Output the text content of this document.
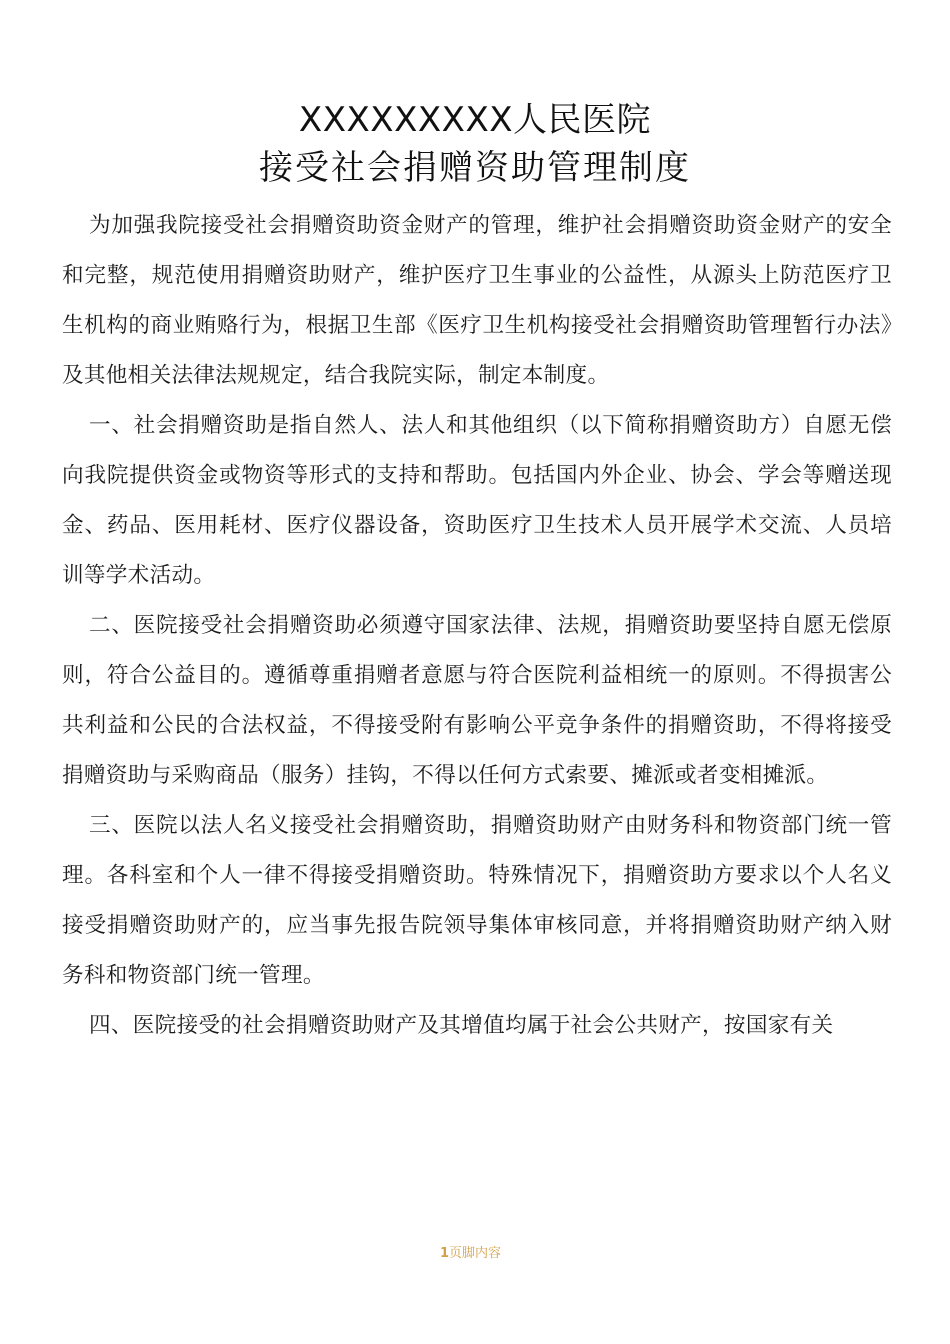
XXXXXXXXX人民医院
接受社会捐赠资助管理制度

为加强我院接受社会捐赠资助资金财产的管理，维护社会捐赠资助资金财产的安全和完整，规范使用捐赠资助财产，维护医疗卫生事业的公益性，从源头上防范医疗卫生机构的商业贿赂行为，根据卫生部《医疗卫生机构接受社会捐赠资助管理暂行办法》及其他相关法律法规规定，结合我院实际，制定本制度。

一、社会捐赠资助是指自然人、法人和其他组织（以下简称捐赠资助方）自愿无偿向我院提供资金或物资等形式的支持和帮助。包括国内外企业、协会、学会等赠送现金、药品、医用耗材、医疗仪器设备，资助医疗卫生技术人员开展学术交流、人员培训等学术活动。

二、医院接受社会捐赠资助必须遵守国家法律、法规，捐赠资助要坚持自愿无偿原则，符合公益目的。遵循尊重捐赠者意愿与符合医院利益相统一的原则。不得损害公共利益和公民的合法权益，不得接受附有影响公平竞争条件的捐赠资助，不得将接受捐赠资助与采购商品（服务）挂钩，不得以任何方式索要、摊派或者变相摊派。

三、医院以法人名义接受社会捐赠资助，捐赠资助财产由财务科和物资部门统一管理。各科室和个人一律不得接受捐赠资助。特殊情况下，捐赠资助方要求以个人名义接受捐赠资助财产的，应当事先报告院领导集体审核同意，并将捐赠资助财产纳入财务科和物资部门统一管理。

四、医院接受的社会捐赠资助财产及其增值均属于社会公共财产，按国家有关

1页脚内容
